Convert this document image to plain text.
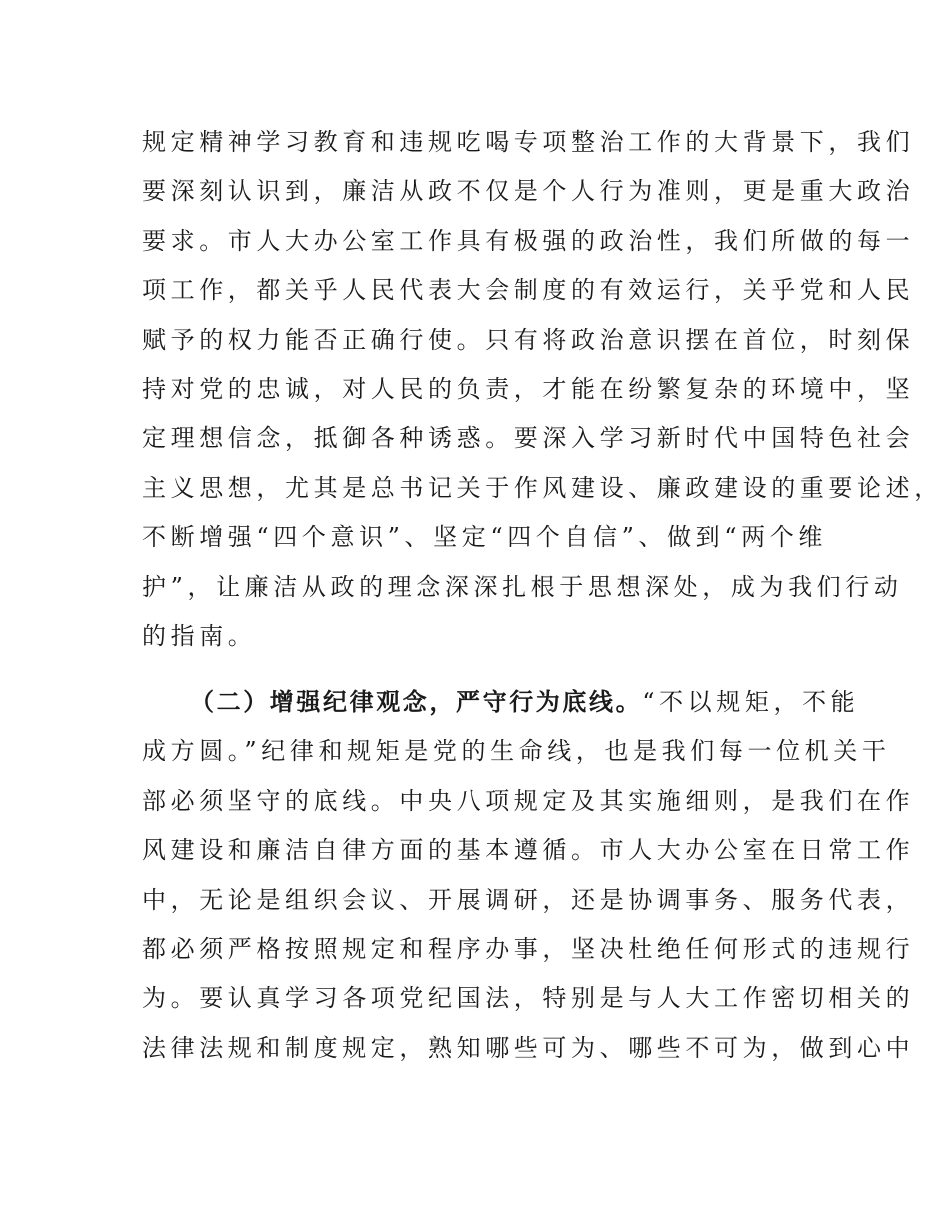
规定精神学习教育和违规吃喝专项整治工作的大背景下，我们
要深刻认识到，廉洁从政不仅是个人行为准则，更是重大政治
要求。市人大办公室工作具有极强的政治性，我们所做的每一
项工作，都关乎人民代表大会制度的有效运行，关乎党和人民
赋予的权力能否正确行使。只有将政治意识摆在首位，时刻保
持对党的忠诚，对人民的负责，才能在纷繁复杂的环境中，坚
定理想信念，抵御各种诱惑。要深入学习新时代中国特色社会
主义思想，尤其是总书记关于作风建设、廉政建设的重要论述，
不断增强“四个意识”、坚定“四个自信”、做到“两个维
护”，让廉洁从政的理念深深扎根于思想深处，成为我们行动
的指南。
（二）增强纪律观念，严守行为底线。“不以规矩，不能
成方圆。”纪律和规矩是党的生命线，也是我们每一位机关干
部必须坚守的底线。中央八项规定及其实施细则，是我们在作
风建设和廉洁自律方面的基本遵循。市人大办公室在日常工作
中，无论是组织会议、开展调研，还是协调事务、服务代表，
都必须严格按照规定和程序办事，坚决杜绝任何形式的违规行
为。要认真学习各项党纪国法，特别是与人大工作密切相关的
法律法规和制度规定，熟知哪些可为、哪些不可为，做到心中
